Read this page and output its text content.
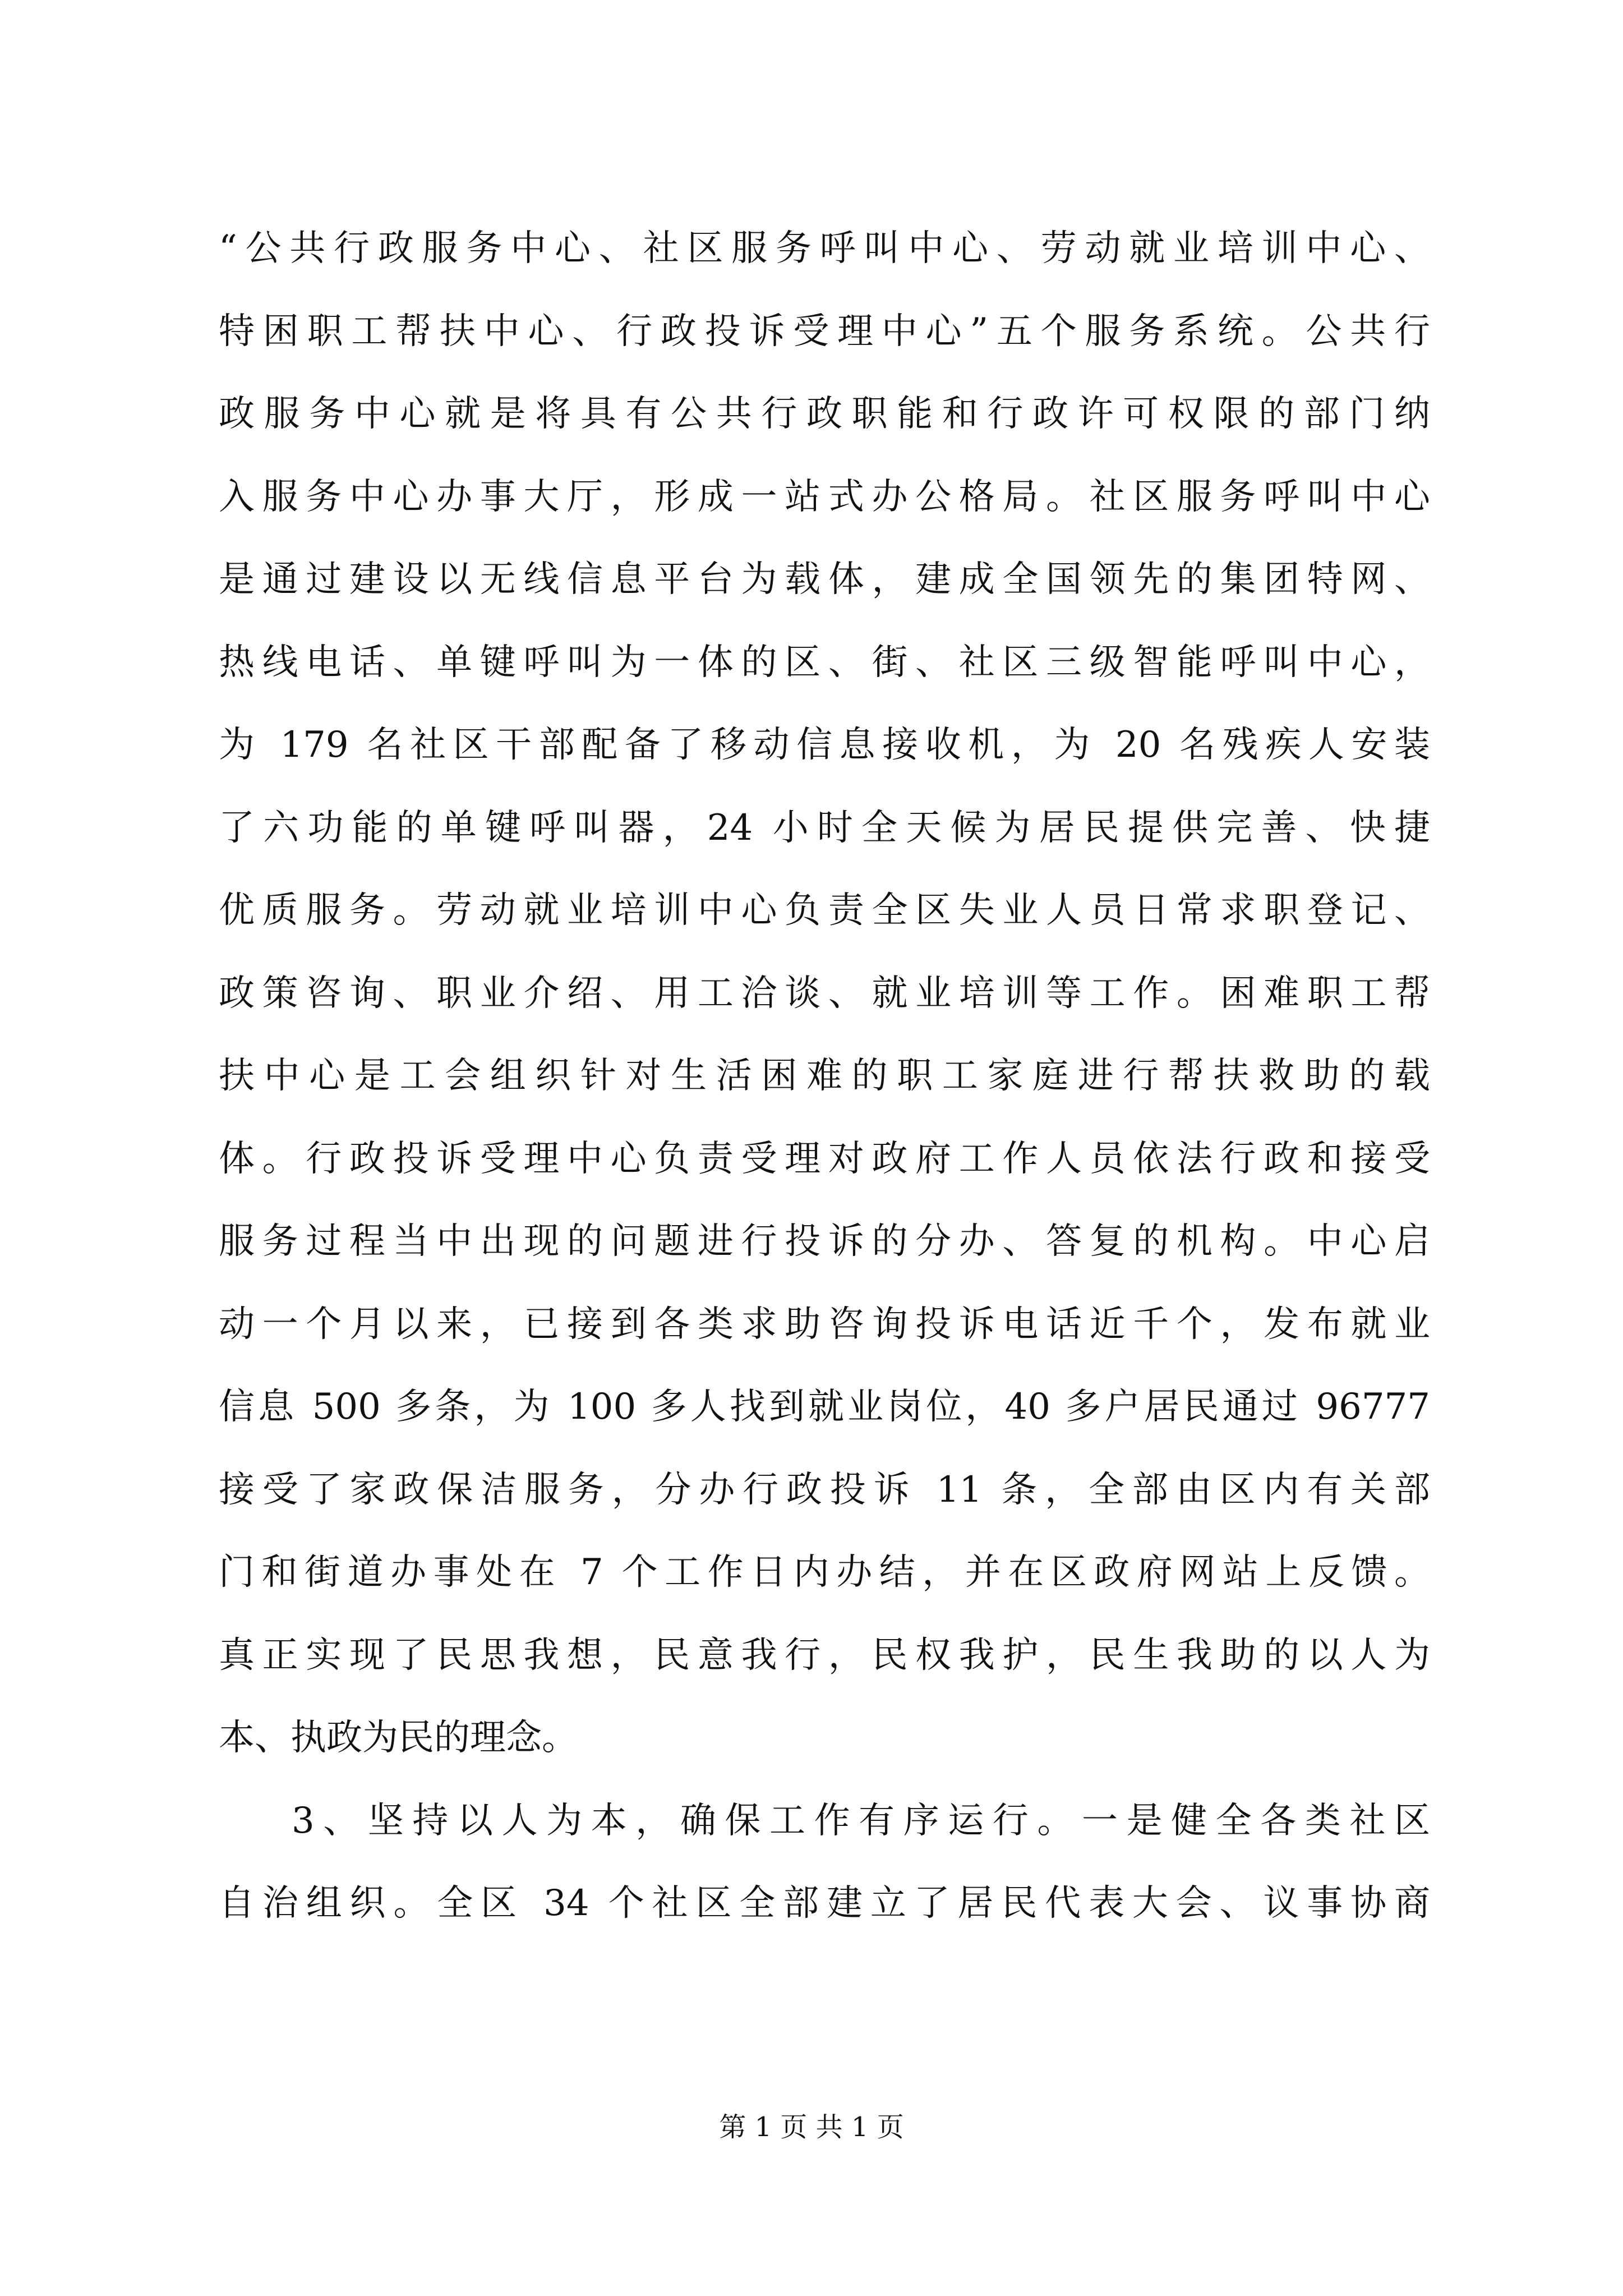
“公共行政服务中心、社区服务呼叫中心、劳动就业培训中心、
特困职工帮扶中心、行政投诉受理中心”五个服务系统。公共行
政服务中心就是将具有公共行政职能和行政许可权限的部门纳
入服务中心办事大厅，形成一站式办公格局。社区服务呼叫中心
是通过建设以无线信息平台为载体，建成全国领先的集团特网、
热线电话、单键呼叫为一体的区、街、社区三级智能呼叫中心，
为 179 名社区干部配备了移动信息接收机，为 20 名残疾人安装
了六功能的单键呼叫器，24 小时全天候为居民提供完善、快捷
优质服务。劳动就业培训中心负责全区失业人员日常求职登记、
政策咨询、职业介绍、用工洽谈、就业培训等工作。困难职工帮
扶中心是工会组织针对生活困难的职工家庭进行帮扶救助的载
体。行政投诉受理中心负责受理对政府工作人员依法行政和接受
服务过程当中出现的问题进行投诉的分办、答复的机构。中心启
动一个月以来，已接到各类求助咨询投诉电话近千个，发布就业
信息 500 多条，为 100 多人找到就业岗位，40 多户居民通过 96777
接受了家政保洁服务，分办行政投诉 11 条，全部由区内有关部
门和街道办事处在 7 个工作日内办结，并在区政府网站上反馈。
真正实现了民思我想，民意我行，民权我护，民生我助的以人为
本、执政为民的理念。
3、坚持以人为本，确保工作有序运行。一是健全各类社区
自治组织。全区 34 个社区全部建立了居民代表大会、议事协商
第 1 页 共 1 页
